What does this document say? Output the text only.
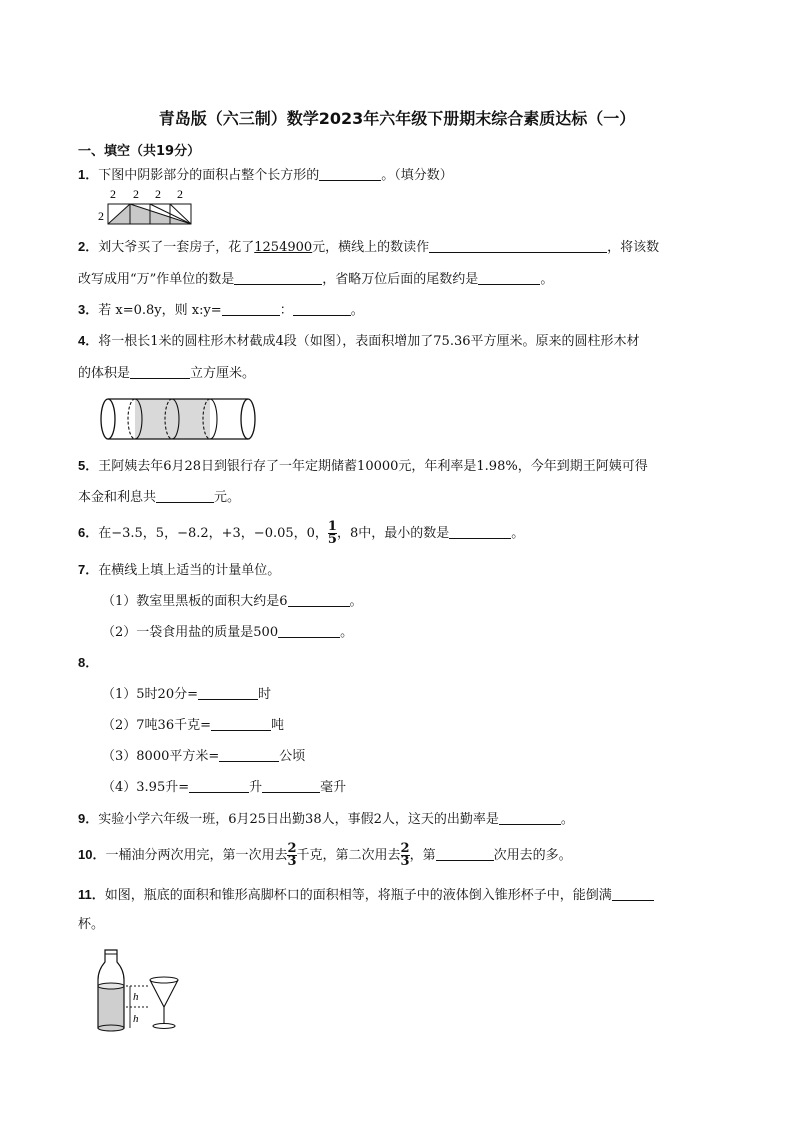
青岛版（六三制）数学2023年六年级下册期末综合素质达标（一）
一、填空（共19分）
1．下图中阴影部分的面积占整个长方形的	。（填分数）
2 2 2 2
2
2．刘大爷买了一套房子，花了1254900元，横线上的数读作	，将该数
改写成用“万”作单位的数是	，省略万位后面的尾数约是	。
3．若 x=0.8y，则 x:y=	：	。
4．将一根长1米的圆柱形木材截成4段（如图），表面积增加了75.36平方厘米。原来的圆柱形木材
的体积是	立方厘米。
5．王阿姨去年6月28日到银行存了一年定期储蓄10000元，年利率是1.98%，今年到期王阿姨可得
本金和利息共	元。
6．在−3.5，5，−8.2，+3，−0.05，0， $\frac{1}{5}$ ，8中，最小的数是	。
7．在横线上填上适当的计量单位。
（1）教室里黑板的面积大约是6	。
（2）一袋食用盐的质量是500	。
8．
（1）5时20分=	时
（2）7吨36千克=	吨
（3）8000平方米=	公顷
（4）3.95升=	升	毫升
9．实验小学六年级一班，6月25日出勤38人，事假2人，这天的出勤率是	。
10．一桶油分两次用完，第一次用去 $\frac{2}{3}$ 千克，第二次用去 $\frac{2}{3}$ ，第	次用去的多。
11．如图，瓶底的面积和锥形高脚杯口的面积相等，将瓶子中的液体倒入锥形杯子中，能倒满
杯。
h
h
